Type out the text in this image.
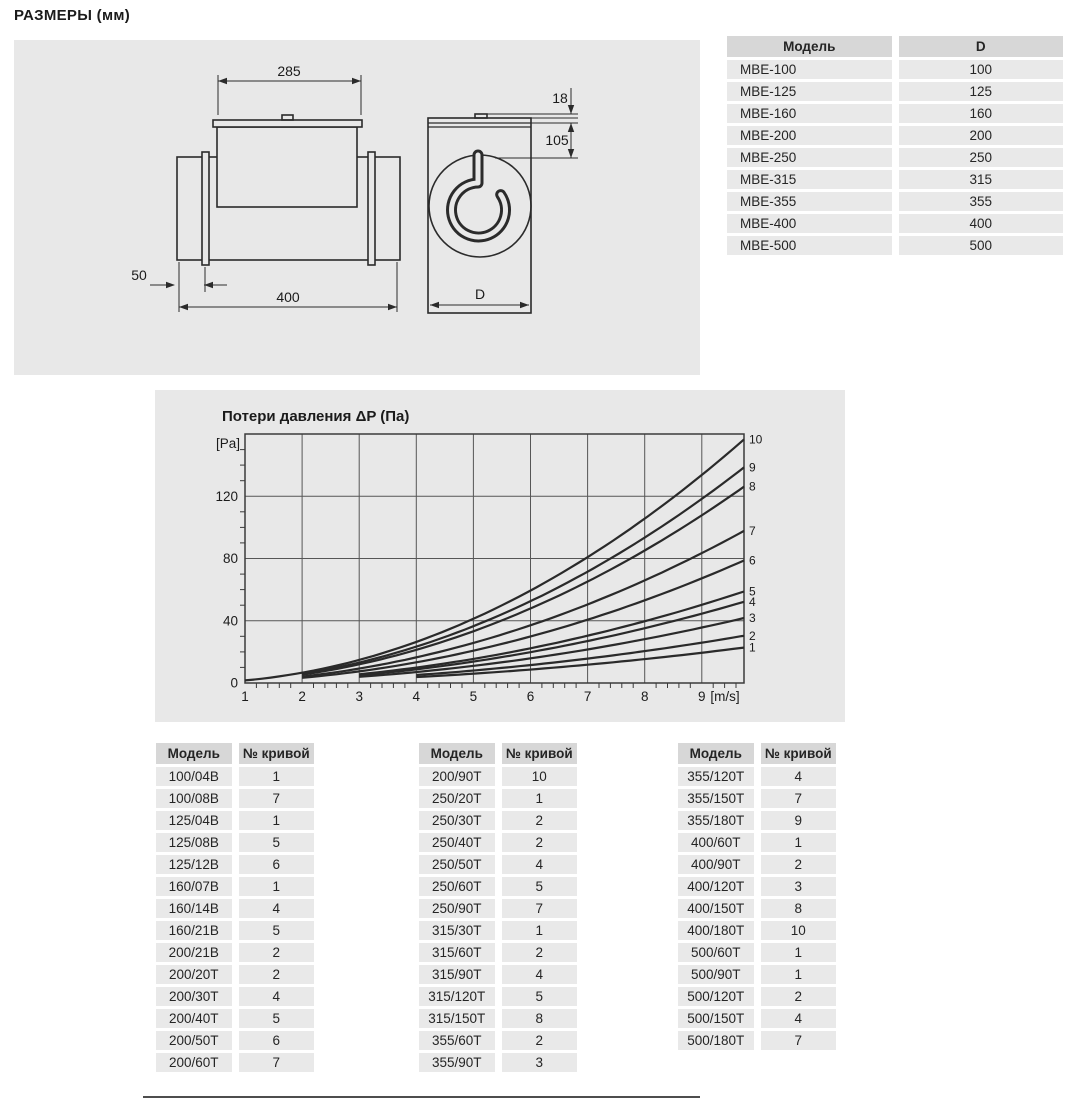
РАЗМЕРЫ (мм)
285
400
50
18
105
D
Модель	D
МВЕ-100	100
МВЕ-125	125
МВЕ-160	160
МВЕ-200	200
МВЕ-250	250
МВЕ-315	315
МВЕ-355	355
МВЕ-400	400
МВЕ-500	500
Потери давления ΔP (Па)
1	2	3	4	5	6	7	8	9
0
40
80
120
1
2
3
4
5
6
7
8
9
10
[Pa]
[m/s]
Модель	№ кривой
100/04B	1
100/08B	7
125/04B	1
125/08B	5
125/12B	6
160/07B	1
160/14B	4
160/21B	5
200/21B	2
200/20T	2
200/30T	4
200/40T	5
200/50T	6
200/60T	7
Модель	№ кривой
200/90T	10
250/20T	1
250/30T	2
250/40T	2
250/50T	4
250/60T	5
250/90T	7
315/30T	1
315/60T	2
315/90T	4
315/120T	5
315/150T	8
355/60T	2
355/90T	3
Модель	№ кривой
355/120T	4
355/150T	7
355/180T	9
400/60T	1
400/90T	2
400/120T	3
400/150T	8
400/180T	10
500/60T	1
500/90T	1
500/120T	2
500/150T	4
500/180T	7
